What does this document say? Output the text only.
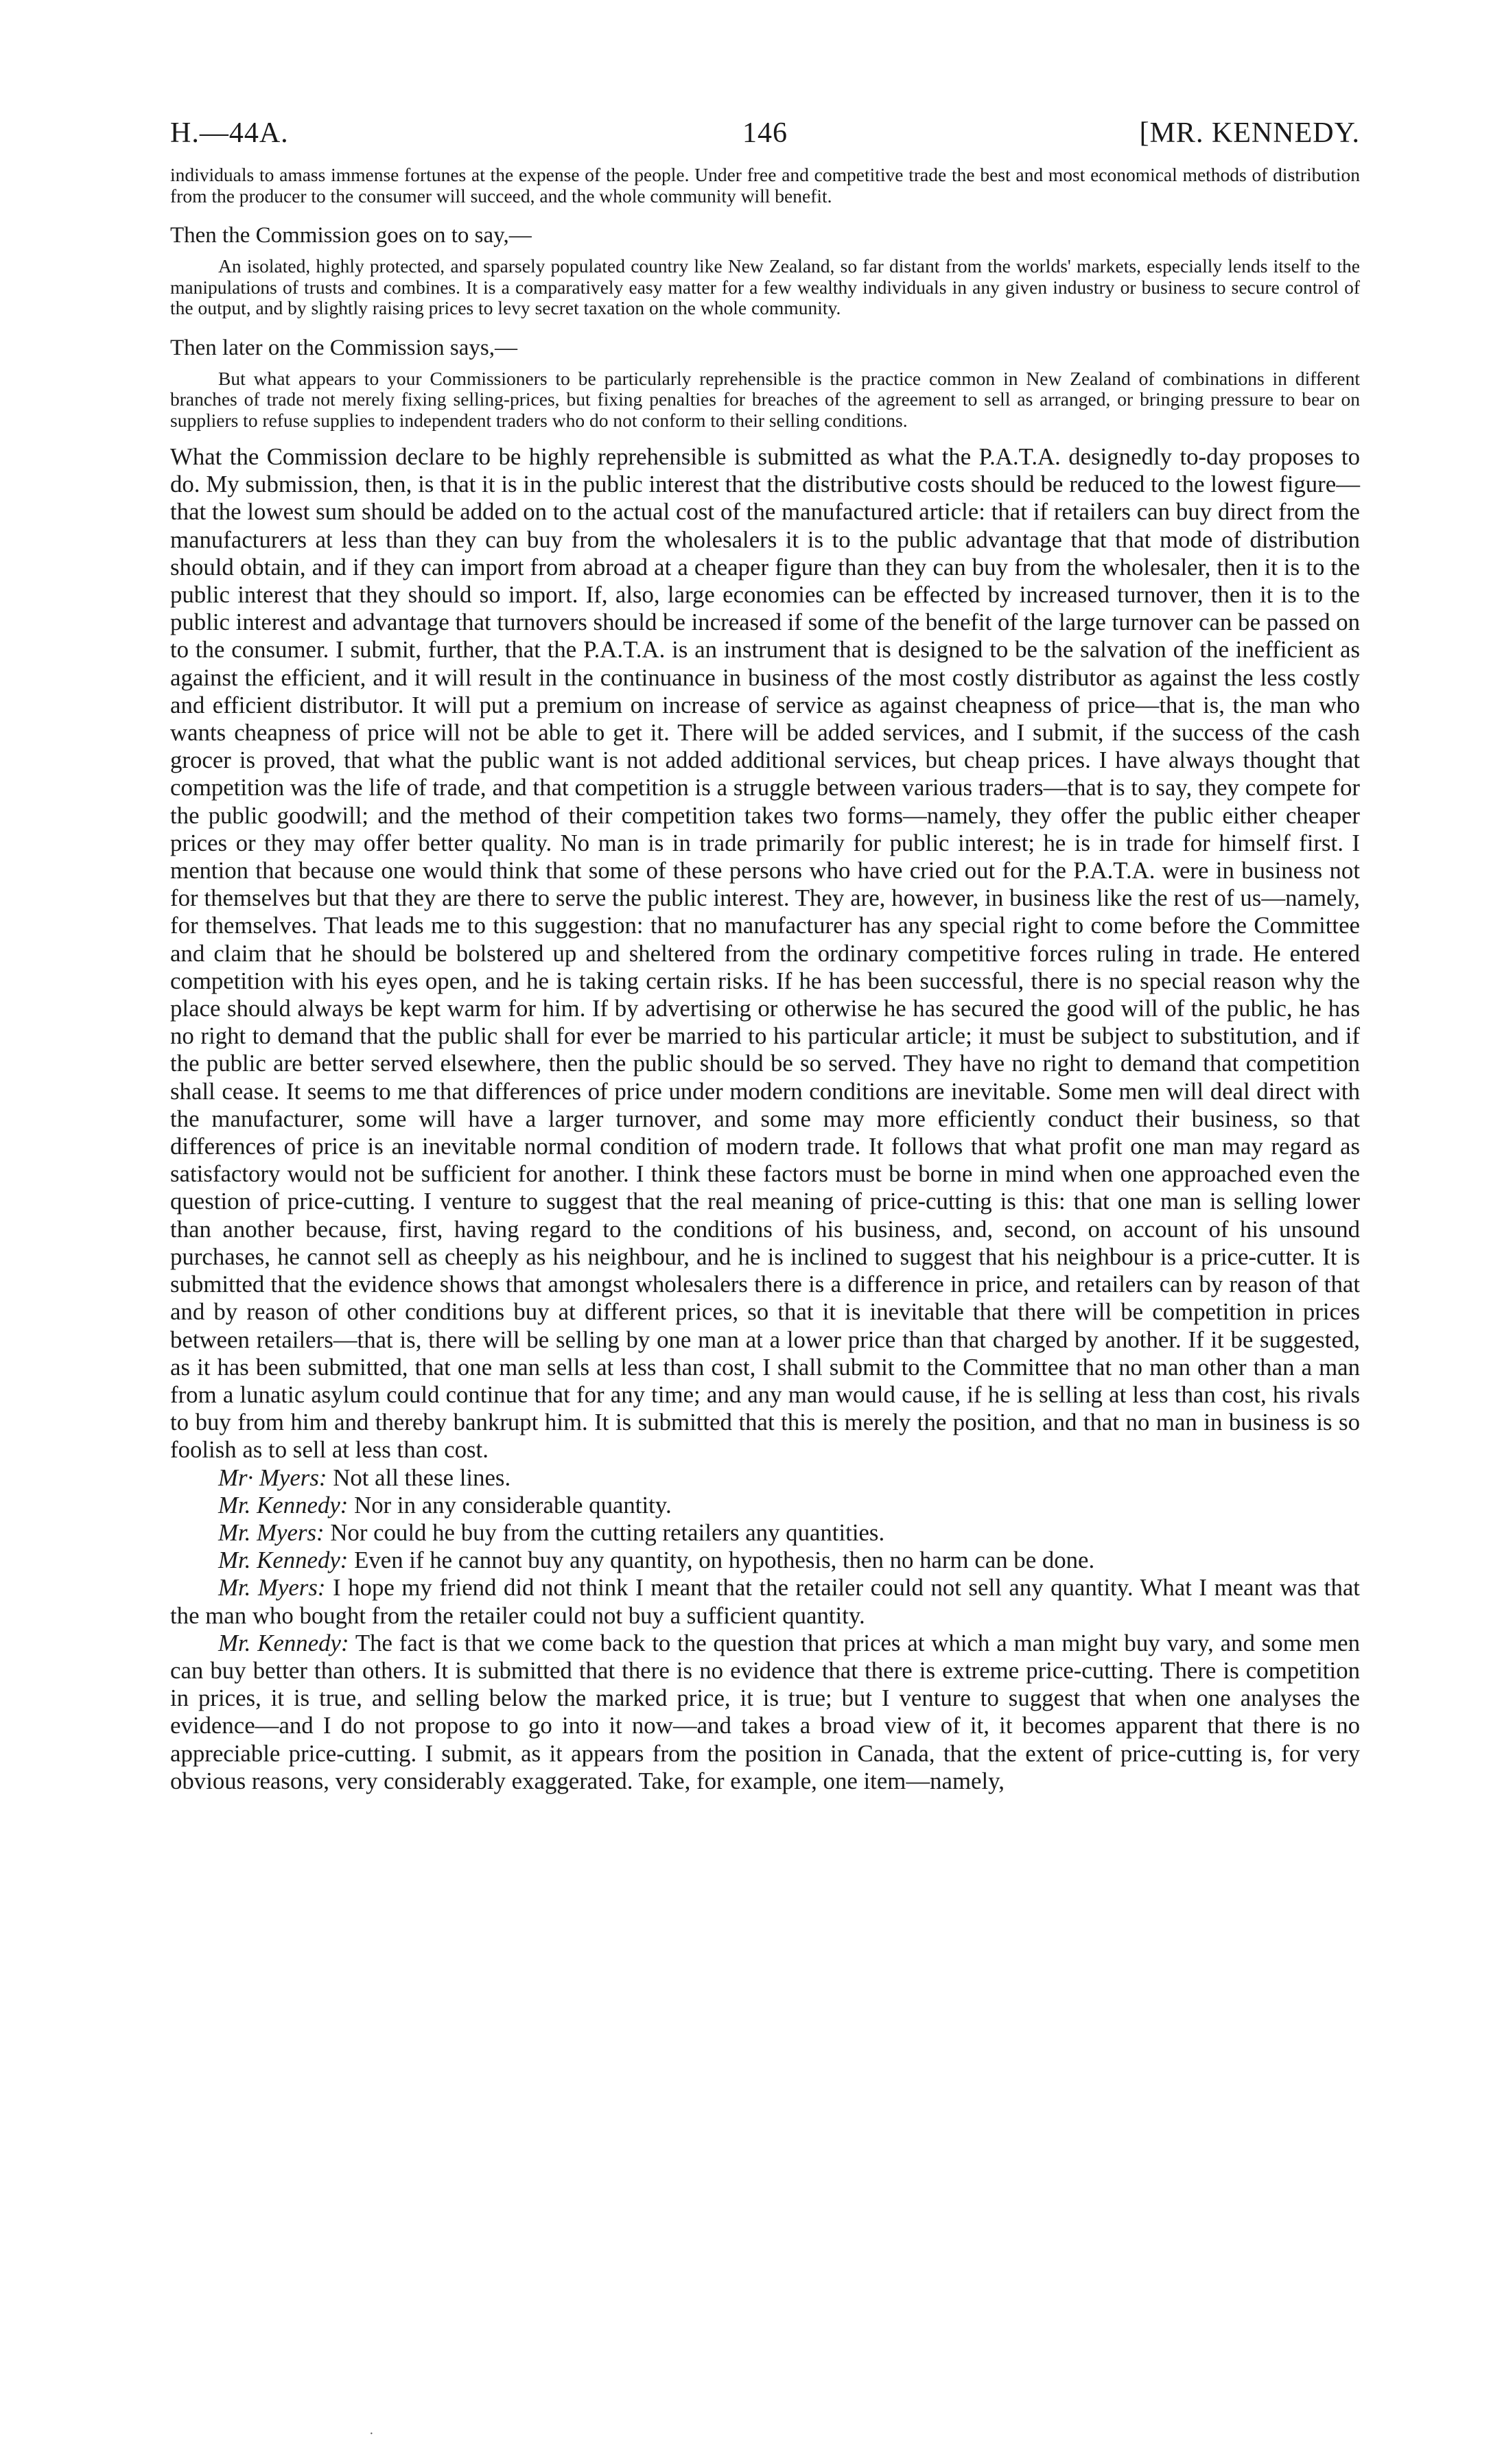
H.—44A.	146	[MR. KENNEDY.

individuals to amass immense fortunes at the expense of the people. Under free and competitive trade the best and most economical methods of distribution from the producer to the consumer will succeed, and the whole community will benefit.

Then the Commission goes on to say,—

An isolated, highly protected, and sparsely populated country like New Zealand, so far distant from the worlds' markets, especially lends itself to the manipulations of trusts and combines. It is a comparatively easy matter for a few wealthy individuals in any given industry or business to secure control of the output, and by slightly raising prices to levy secret taxation on the whole community.

Then later on the Commission says,—

But what appears to your Commissioners to be particularly reprehensible is the practice common in New Zealand of combinations in different branches of trade not merely fixing selling-prices, but fixing penalties for breaches of the agreement to sell as arranged, or bringing pressure to bear on suppliers to refuse supplies to independent traders who do not conform to their selling conditions.

What the Commission declare to be highly reprehensible is submitted as what the P.A.T.A. designedly to-day proposes to do. My submission, then, is that it is in the public interest that the distributive costs should be reduced to the lowest figure—that the lowest sum should be added on to the actual cost of the manufactured article: that if retailers can buy direct from the manufacturers at less than they can buy from the wholesalers it is to the public advantage that that mode of distribution should obtain, and if they can import from abroad at a cheaper figure than they can buy from the wholesaler, then it is to the public interest that they should so import. If, also, large economies can be effected by increased turnover, then it is to the public interest and advantage that turnovers should be increased if some of the benefit of the large turnover can be passed on to the consumer. I submit, further, that the P.A.T.A. is an instrument that is designed to be the salvation of the inefficient as against the efficient, and it will result in the continuance in business of the most costly distributor as against the less costly and efficient distributor. It will put a premium on increase of service as against cheapness of price—that is, the man who wants cheapness of price will not be able to get it. There will be added services, and I submit, if the success of the cash grocer is proved, that what the public want is not added additional services, but cheap prices. I have always thought that competition was the life of trade, and that competition is a struggle between various traders—that is to say, they compete for the public goodwill; and the method of their competition takes two forms—namely, they offer the public either cheaper prices or they may offer better quality. No man is in trade primarily for public interest; he is in trade for himself first. I mention that because one would think that some of these persons who have cried out for the P.A.T.A. were in business not for themselves but that they are there to serve the public interest. They are, however, in business like the rest of us—namely, for themselves. That leads me to this suggestion: that no manufacturer has any special right to come before the Committee and claim that he should be bolstered up and sheltered from the ordinary competitive forces ruling in trade. He entered competition with his eyes open, and he is taking certain risks. If he has been successful, there is no special reason why the place should always be kept warm for him. If by advertising or otherwise he has secured the good will of the public, he has no right to demand that the public shall for ever be married to his particular article; it must be subject to substitution, and if the public are better served elsewhere, then the public should be so served. They have no right to demand that competition shall cease. It seems to me that differences of price under modern conditions are inevitable. Some men will deal direct with the manufacturer, some will have a larger turnover, and some may more efficiently conduct their business, so that differences of price is an inevitable normal condition of modern trade. It follows that what profit one man may regard as satisfactory would not be sufficient for another. I think these factors must be borne in mind when one approached even the question of price-cutting. I venture to suggest that the real meaning of price-cutting is this: that one man is selling lower than another because, first, having regard to the conditions of his business, and, second, on account of his unsound purchases, he cannot sell as cheeply as his neighbour, and he is inclined to suggest that his neighbour is a price-cutter. It is submitted that the evidence shows that amongst wholesalers there is a difference in price, and retailers can by reason of that and by reason of other conditions buy at different prices, so that it is inevitable that there will be competition in prices between retailers—that is, there will be selling by one man at a lower price than that charged by another. If it be suggested, as it has been submitted, that one man sells at less than cost, I shall submit to the Committee that no man other than a man from a lunatic asylum could continue that for any time; and any man would cause, if he is selling at less than cost, his rivals to buy from him and thereby bankrupt him. It is submitted that this is merely the position, and that no man in business is so foolish as to sell at less than cost.

Mr· Myers: Not all these lines.

Mr. Kennedy: Nor in any considerable quantity.

Mr. Myers: Nor could he buy from the cutting retailers any quantities.

Mr. Kennedy: Even if he cannot buy any quantity, on hypothesis, then no harm can be done.

Mr. Myers: I hope my friend did not think I meant that the retailer could not sell any quantity. What I meant was that the man who bought from the retailer could not buy a sufficient quantity.

Mr. Kennedy: The fact is that we come back to the question that prices at which a man might buy vary, and some men can buy better than others. It is submitted that there is no evidence that there is extreme price-cutting. There is competition in prices, it is true, and selling below the marked price, it is true; but I venture to suggest that when one analyses the evidence—and I do not propose to go into it now—and takes a broad view of it, it becomes apparent that there is no appreciable price-cutting. I submit, as it appears from the position in Canada, that the extent of price-cutting is, for very obvious reasons, very considerably exaggerated. Take, for example, one item—namely,

·
